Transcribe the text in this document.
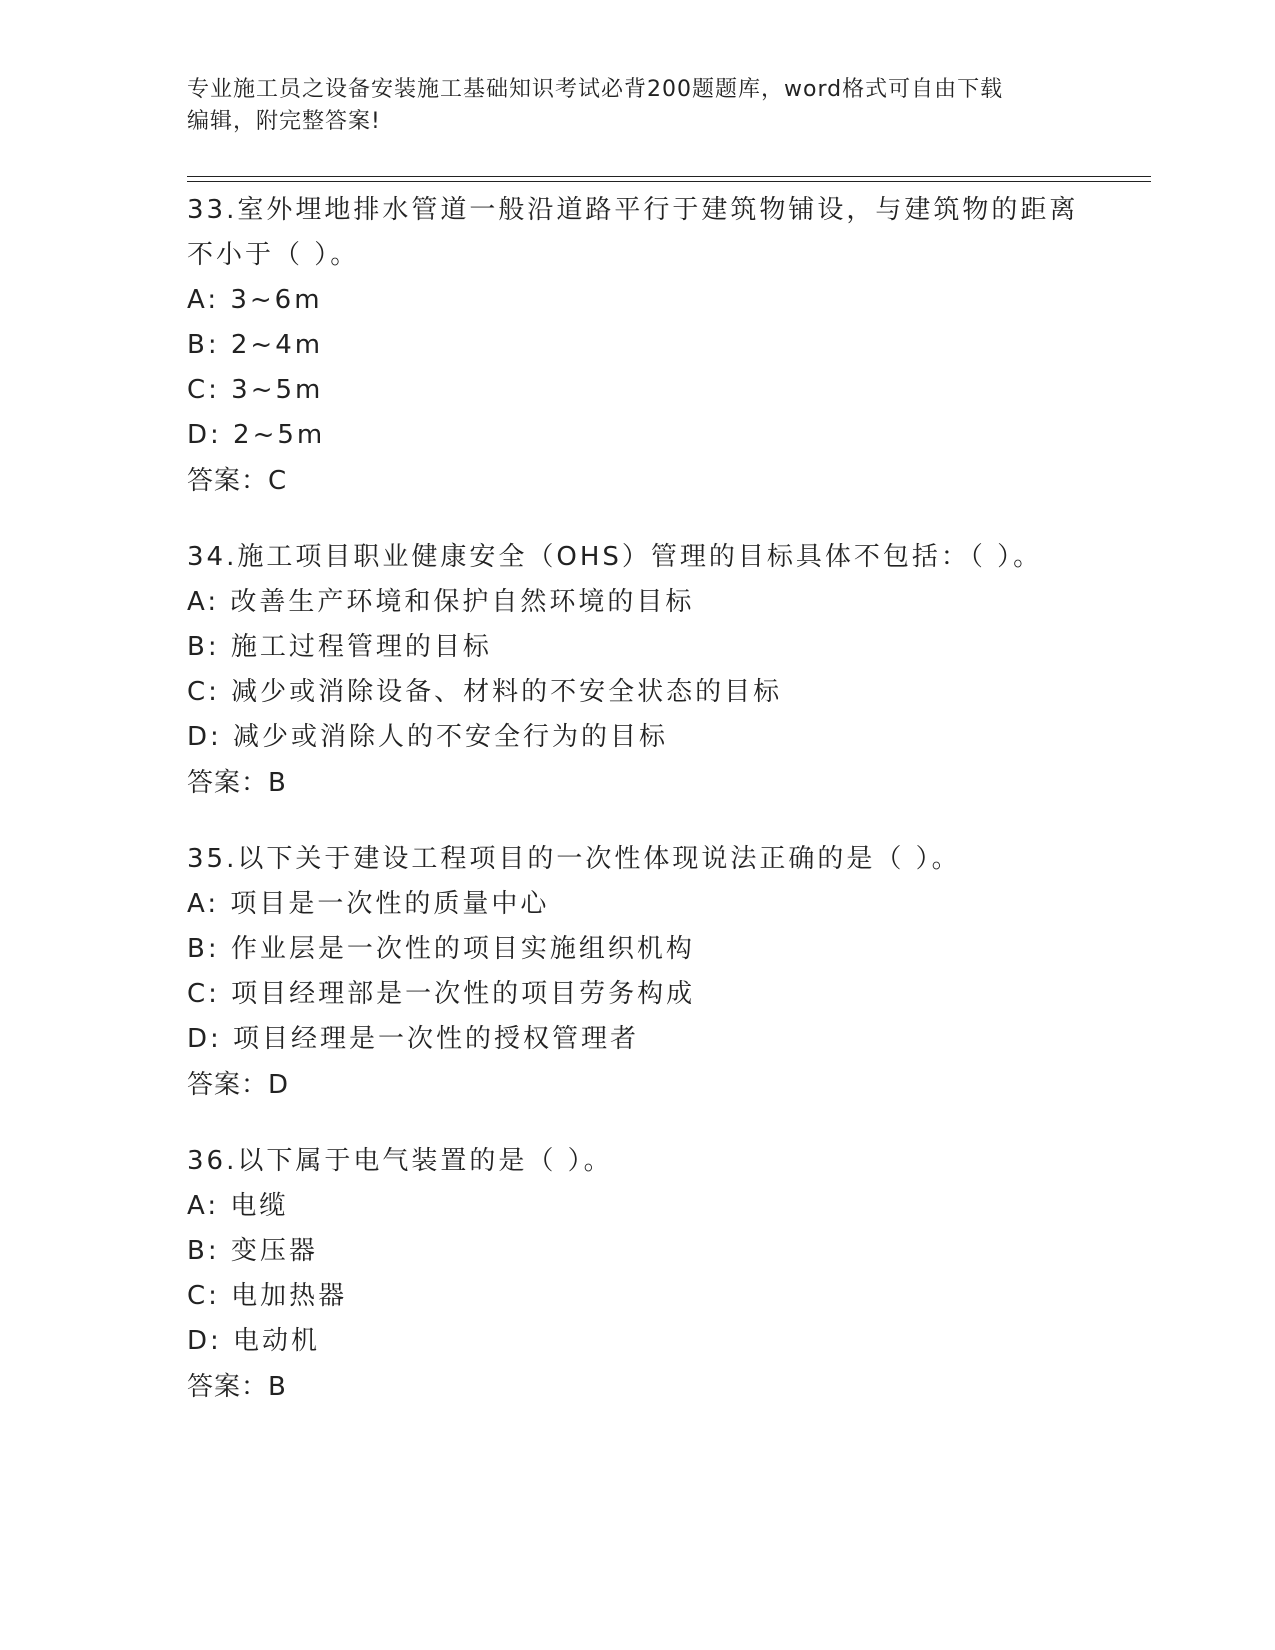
专业施工员之设备安装施工基础知识考试必背200题题库，word格式可自由下载
编辑，附完整答案!
33.室外埋地排水管道一般沿道路平行于建筑物铺设，与建筑物的距离
不小于（ ）。
A: 3~6m
B: 2~4m
C: 3~5m
D: 2~5m
答案：C
34.施工项目职业健康安全（OHS）管理的目标具体不包括：（ ）。
A: 改善生产环境和保护自然环境的目标
B: 施工过程管理的目标
C: 减少或消除设备、材料的不安全状态的目标
D: 减少或消除人的不安全行为的目标
答案：B
35.以下关于建设工程项目的一次性体现说法正确的是（ ）。
A: 项目是一次性的质量中心
B: 作业层是一次性的项目实施组织机构
C: 项目经理部是一次性的项目劳务构成
D: 项目经理是一次性的授权管理者
答案：D
36.以下属于电气装置的是（ ）。
A: 电缆
B: 变压器
C: 电加热器
D: 电动机
答案：B
